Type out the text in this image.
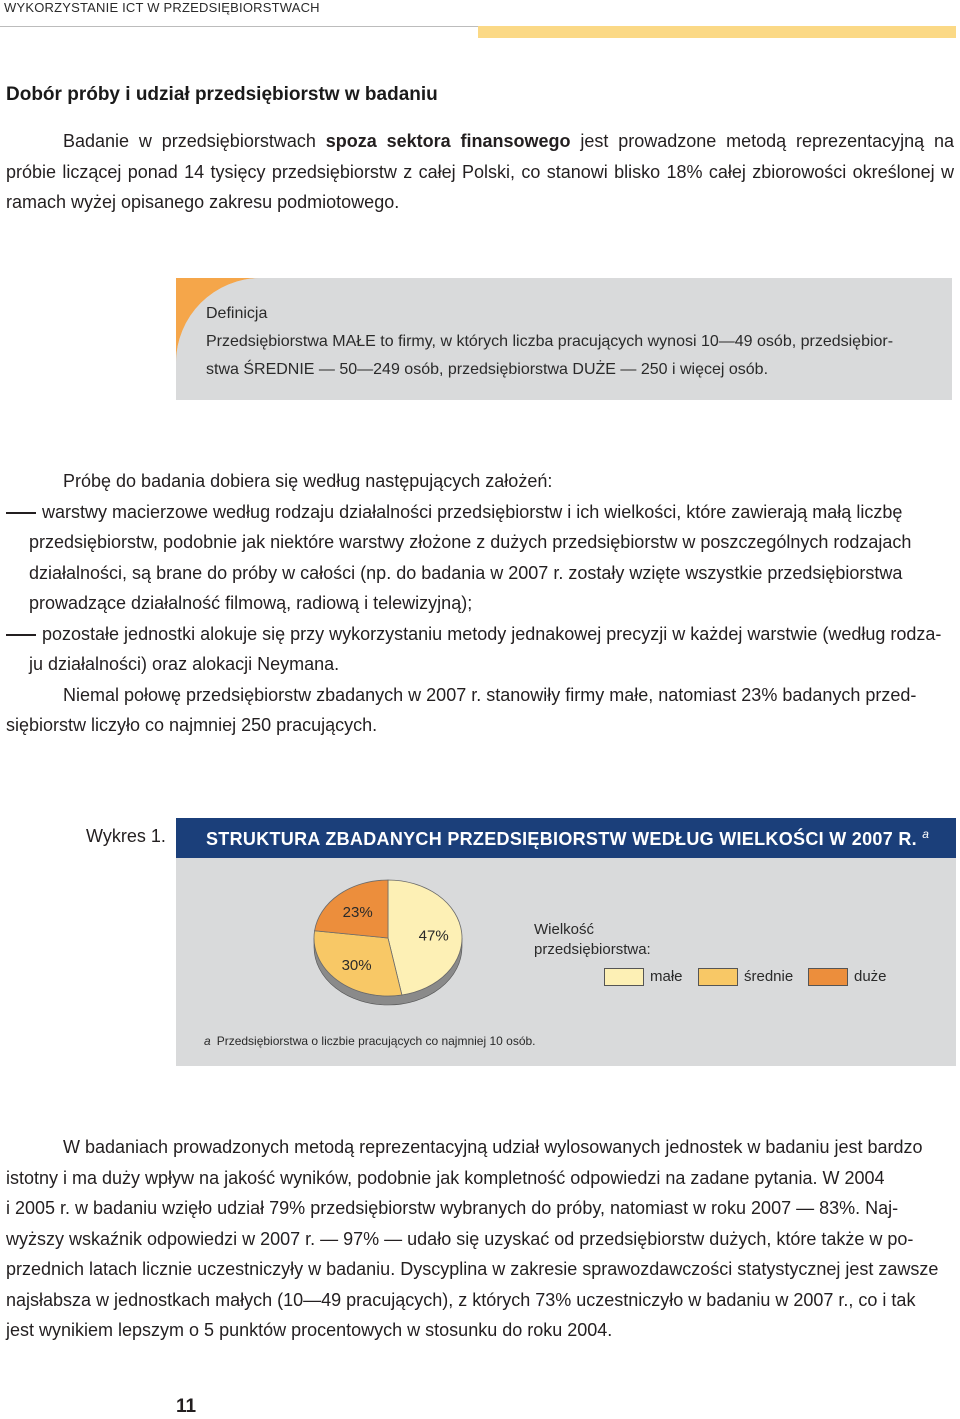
WYKORZYSTANIE ICT W PRZEDSIĘBIORSTWACH
Dobór próby i udział przedsiębiorstw w badaniu
Badanie w przedsiębiorstwach spoza sektora finansowego jest prowadzone metodą reprezentacyjną na próbie liczącej ponad 14 tysięcy przedsiębiorstw z całej Polski, co stanowi blisko 18% całej zbiorowości określonej w ramach wyżej opisanego zakresu podmiotowego.
Definicja
Przedsiębiorstwa MAŁE to firmy, w których liczba pracujących wynosi 10—49 osób, przedsiębior-
stwa ŚREDNIE — 50—249 osób, przedsiębiorstwa DUŻE — 250 i więcej osób.
Próbę do badania dobiera się według następujących założeń:
warstwy macierzowe według rodzaju działalności przedsiębiorstw i ich wielkości, które zawierają małą liczbę
przedsiębiorstw, podobnie jak niektóre warstwy złożone z dużych przedsiębiorstw w poszczególnych rodzajach
działalności, są brane do próby w całości (np. do badania w 2007 r. zostały wzięte wszystkie przedsiębiorstwa
prowadzące działalność filmową, radiową i telewizyjną);
pozostałe jednostki alokuje się przy wykorzystaniu metody jednakowej precyzji w każdej warstwie (według rodza-
ju działalności) oraz alokacji Neymana.
Niemal połowę przedsiębiorstw zbadanych w 2007 r. stanowiły firmy małe, natomiast 23% badanych przed-
siębiorstw liczyło co najmniej 250 pracujących.
Wykres 1. STRUKTURA ZBADANYCH PRZEDSIĘBIORSTW WEDŁUG WIELKOŚCI W 2007 R. $^a$
47%
30%
23%
Wielkość przedsiębiorstwa:
małe	średnie	duże
a Przedsiębiorstwa o liczbie pracujących co najmniej 10 osób.
W badaniach prowadzonych metodą reprezentacyjną udział wylosowanych jednostek w badaniu jest bardzo
istotny i ma duży wpływ na jakość wyników, podobnie jak kompletność odpowiedzi na zadane pytania. W 2004
i 2005 r. w badaniu wzięło udział 79% przedsiębiorstw wybranych do próby, natomiast w roku 2007 — 83%. Naj-
wyższy wskaźnik odpowiedzi w 2007 r. — 97% — udało się uzyskać od przedsiębiorstw dużych, które także w po-
przednich latach licznie uczestniczyły w badaniu. Dyscyplina w zakresie sprawozdawczości statystycznej jest zawsze
najsłabsza w jednostkach małych (10—49 pracujących), z których 73% uczestniczyło w badaniu w 2007 r., co i tak
jest wynikiem lepszym o 5 punktów procentowych w stosunku do roku 2004.
11
